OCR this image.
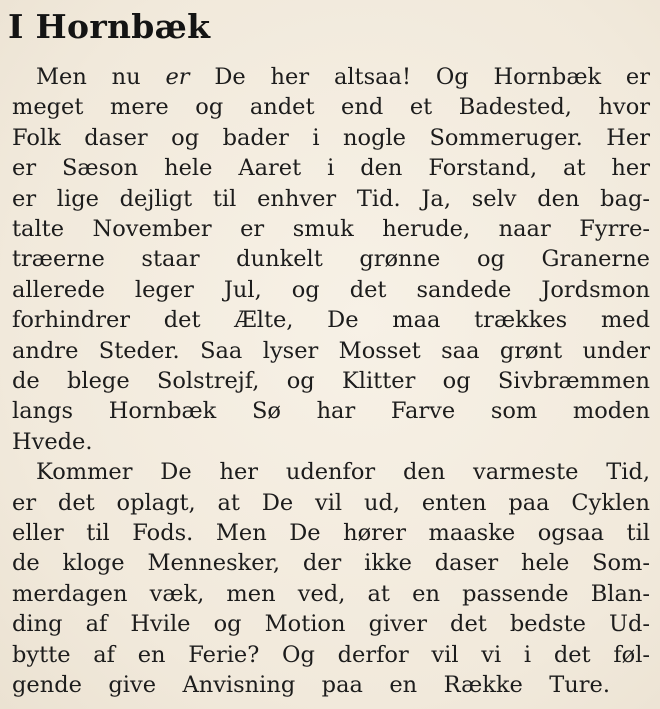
I Hornbæk
Men nu er De her altsaa! Og Hornbæk er
meget mere og andet end et Badested, hvor
Folk daser og bader i nogle Sommeruger. Her
er Sæson hele Aaret i den Forstand, at her
er lige dejligt til enhver Tid. Ja, selv den bag-
talte November er smuk herude, naar Fyrre-
træerne staar dunkelt grønne og Granerne
allerede leger Jul, og det sandede Jordsmon
forhindrer det Ælte, De maa trækkes med
andre Steder. Saa lyser Mosset saa grønt under
de blege Solstrejf, og Klitter og Sivbræmmen
langs Hornbæk Sø har Farve som moden
Hvede.
Kommer De her udenfor den varmeste Tid,
er det oplagt, at De vil ud, enten paa Cyklen
eller til Fods. Men De hører maaske ogsaa til
de kloge Mennesker, der ikke daser hele Som-
merdagen væk, men ved, at en passende Blan-
ding af Hvile og Motion giver det bedste Ud-
bytte af en Ferie? Og derfor vil vi i det føl-
gende give Anvisning paa en Række Ture.
